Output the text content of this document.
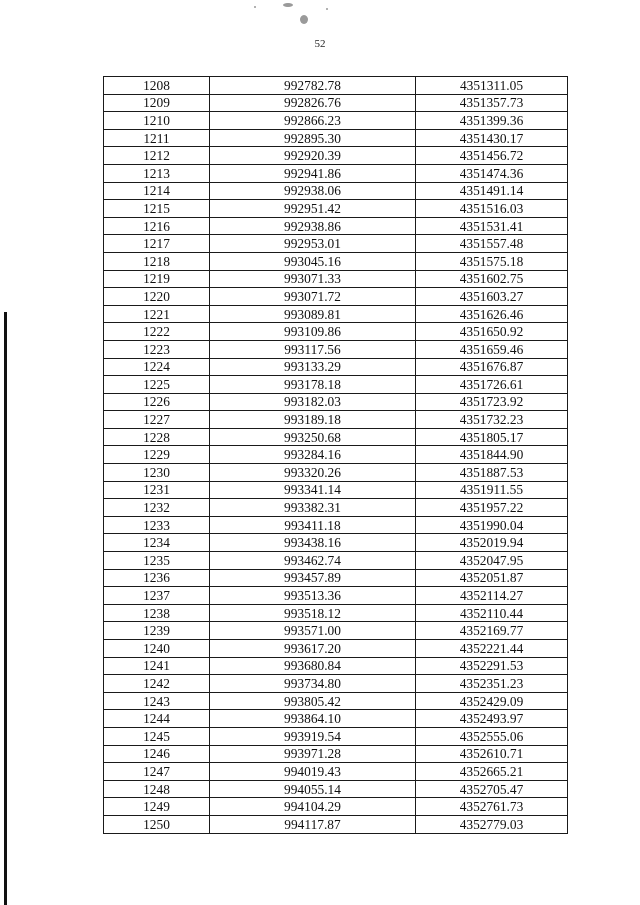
52
1208	992782.78	4351311.05
1209	992826.76	4351357.73
1210	992866.23	4351399.36
1211	992895.30	4351430.17
1212	992920.39	4351456.72
1213	992941.86	4351474.36
1214	992938.06	4351491.14
1215	992951.42	4351516.03
1216	992938.86	4351531.41
1217	992953.01	4351557.48
1218	993045.16	4351575.18
1219	993071.33	4351602.75
1220	993071.72	4351603.27
1221	993089.81	4351626.46
1222	993109.86	4351650.92
1223	993117.56	4351659.46
1224	993133.29	4351676.87
1225	993178.18	4351726.61
1226	993182.03	4351723.92
1227	993189.18	4351732.23
1228	993250.68	4351805.17
1229	993284.16	4351844.90
1230	993320.26	4351887.53
1231	993341.14	4351911.55
1232	993382.31	4351957.22
1233	993411.18	4351990.04
1234	993438.16	4352019.94
1235	993462.74	4352047.95
1236	993457.89	4352051.87
1237	993513.36	4352114.27
1238	993518.12	4352110.44
1239	993571.00	4352169.77
1240	993617.20	4352221.44
1241	993680.84	4352291.53
1242	993734.80	4352351.23
1243	993805.42	4352429.09
1244	993864.10	4352493.97
1245	993919.54	4352555.06
1246	993971.28	4352610.71
1247	994019.43	4352665.21
1248	994055.14	4352705.47
1249	994104.29	4352761.73
1250	994117.87	4352779.03
